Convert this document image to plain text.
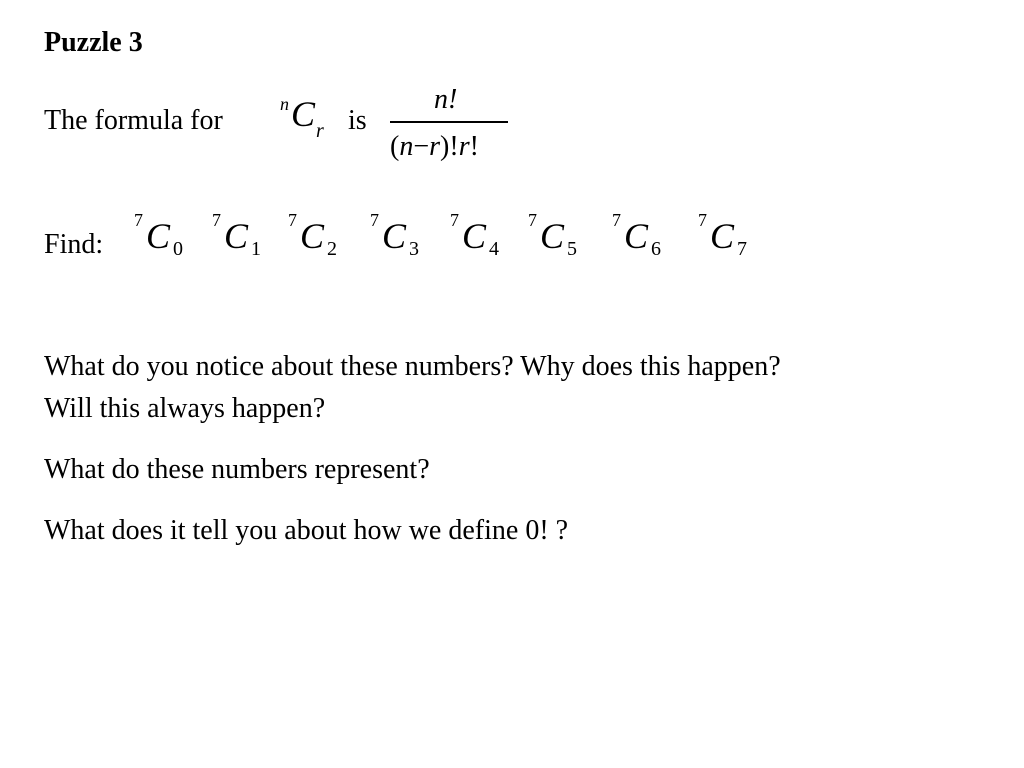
Puzzle 3
The formula for
n C r is
n!
(n−r)!r!
Find:
7 C 0
7 C 1
7 C 2
7 C 3
7 C 4
7 C 5
7 C 6
7 C 7
What do you notice about these numbers? Why does this happen?
Will this always happen?
What do these numbers represent?
What does it tell you about how we define 0! ?
